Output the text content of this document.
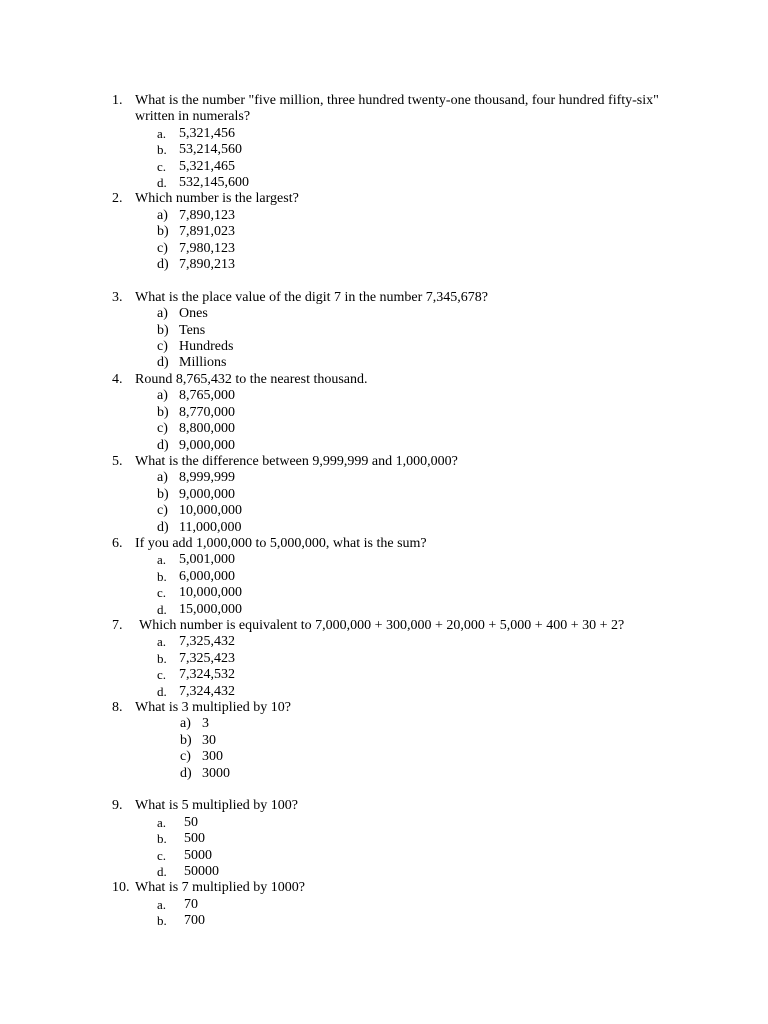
1. What is the number "five million, three hundred twenty-one thousand, four hundred fifty-six" written in numerals?
a. 5,321,456
b. 53,214,560
c. 5,321,465
d. 532,145,600
2. Which number is the largest?
a) 7,890,123
b) 7,891,023
c) 7,980,123
d) 7,890,213
3. What is the place value of the digit 7 in the number 7,345,678?
a) Ones
b) Tens
c) Hundreds
d) Millions
4. Round 8,765,432 to the nearest thousand.
a) 8,765,000
b) 8,770,000
c) 8,800,000
d) 9,000,000
5. What is the difference between 9,999,999 and 1,000,000?
a) 8,999,999
b) 9,000,000
c) 10,000,000
d) 11,000,000
6. If you add 1,000,000 to 5,000,000, what is the sum?
a. 5,001,000
b. 6,000,000
c. 10,000,000
d. 15,000,000
7.	Which number is equivalent to 7,000,000 + 300,000 + 20,000 + 5,000 + 400 + 30 + 2?
a. 7,325,432
b. 7,325,423
c. 7,324,532
d. 7,324,432
8. What is 3 multiplied by 10?
a) 3
b) 30
c) 300
d) 3000
9. What is 5 multiplied by 100?
a.	50
b.	500
c.	5000
d.	50000
10. What is 7 multiplied by 1000?
a.	70
b.	700
